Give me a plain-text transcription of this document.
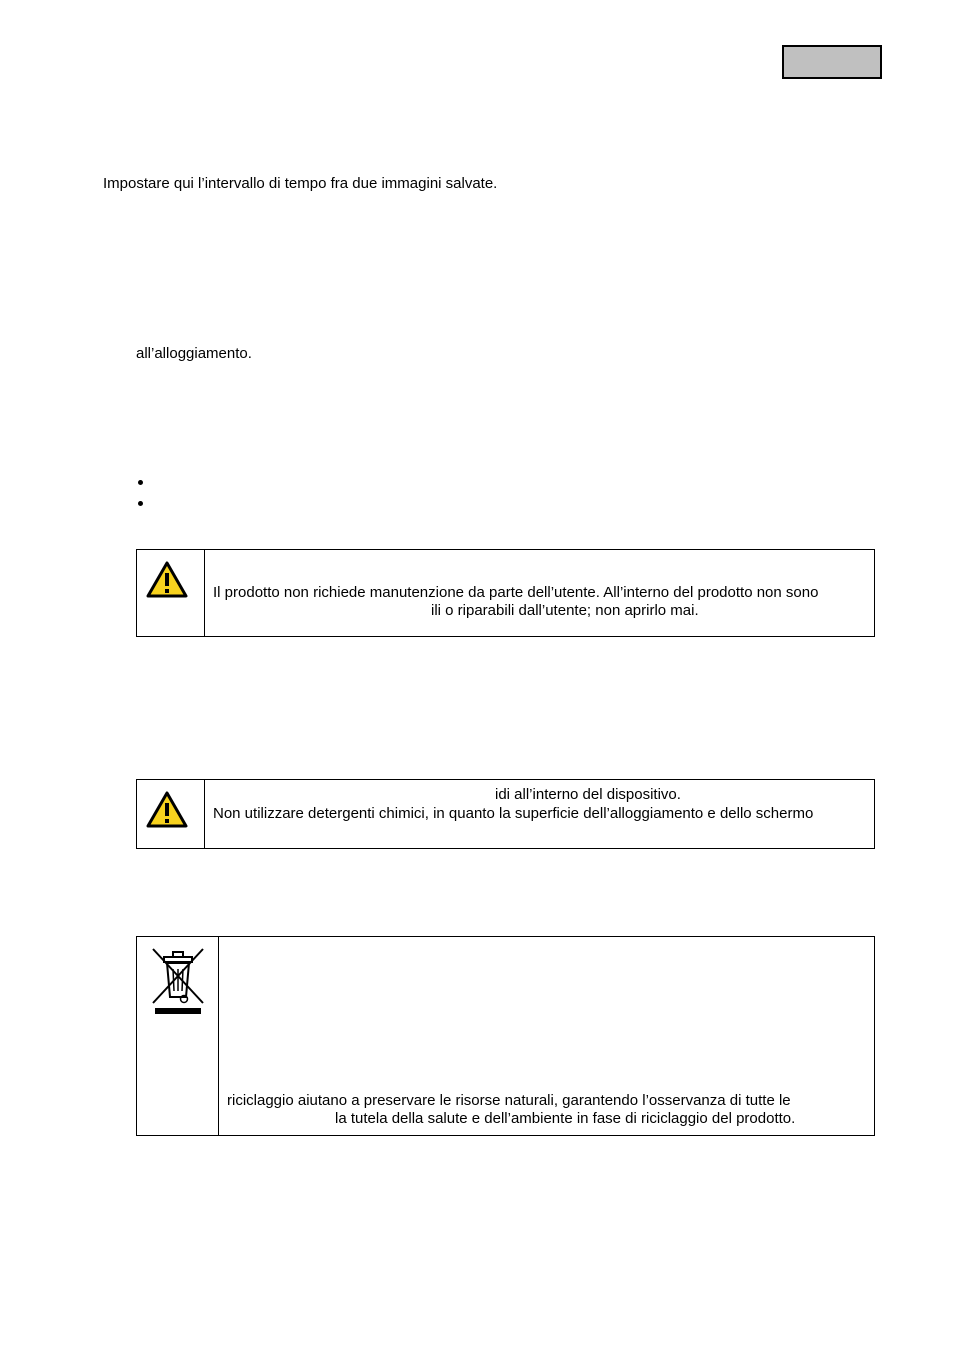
Impostare qui l’intervallo di tempo fra due immagini salvate.
all’alloggiamento.
Il prodotto non richiede manutenzione da parte dell’utente. All’interno del prodotto non sono
ili o riparabili dall’utente; non aprirlo mai.
idi all’interno del dispositivo.
Non utilizzare detergenti chimici, in quanto la superficie dell’alloggiamento e dello schermo
riciclaggio aiutano a preservare le risorse naturali, garantendo l’osservanza di tutte le
la tutela della salute e dell’ambiente in fase di riciclaggio del prodotto.
